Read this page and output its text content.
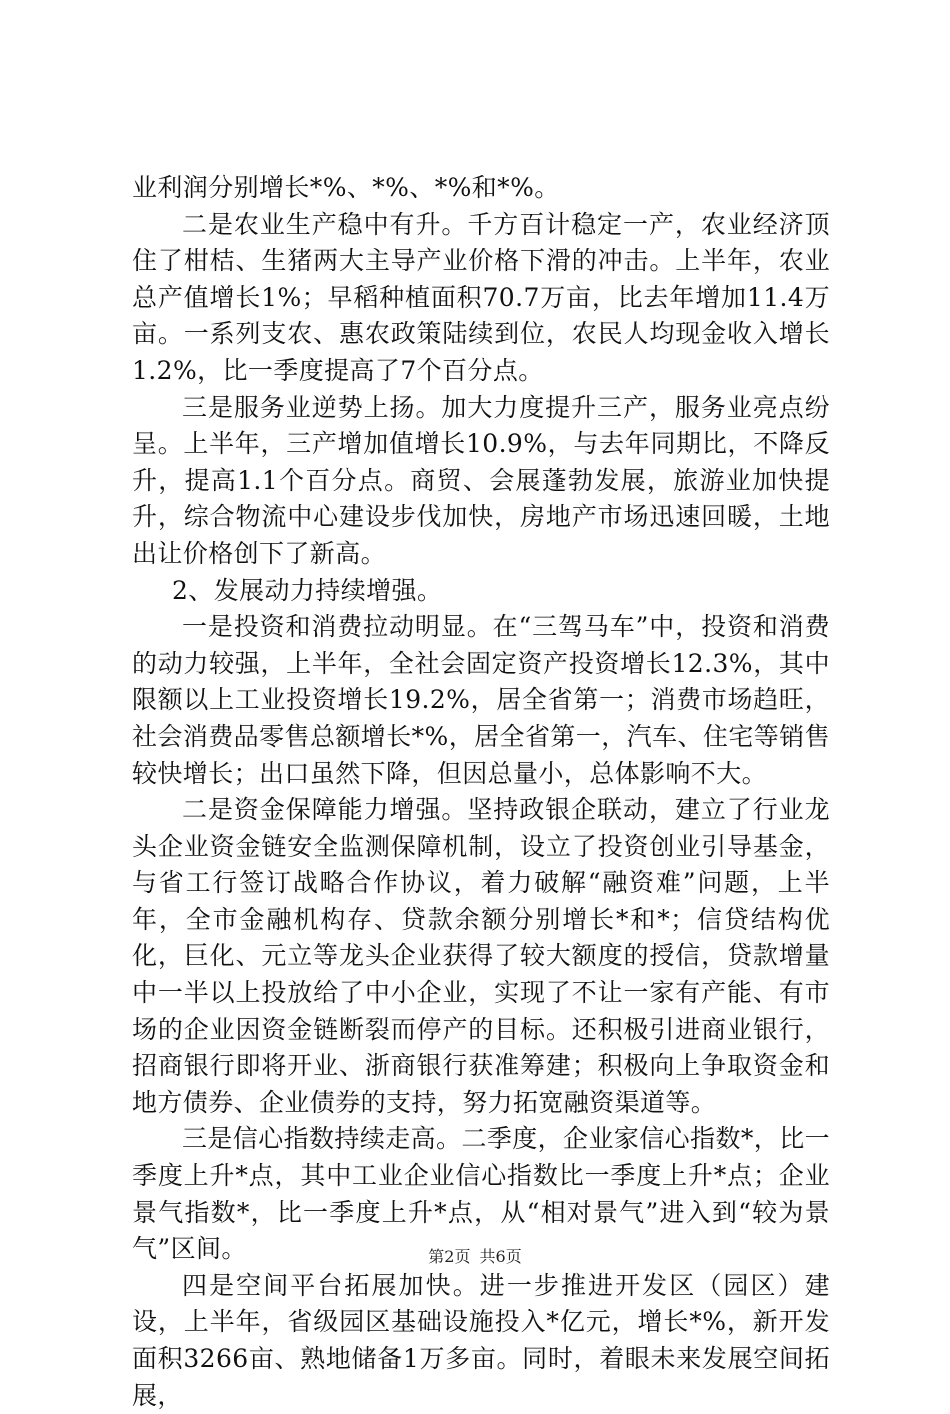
业利润分别增长*%、*%、*%和*%。

二是农业生产稳中有升。千方百计稳定一产，农业经济顶住了柑桔、生猪两大主导产业价格下滑的冲击。上半年，农业总产值增长1%；早稻种植面积70.7万亩，比去年增加11.4万亩。一系列支农、惠农政策陆续到位，农民人均现金收入增长1.2%，比一季度提高了7个百分点。

三是服务业逆势上扬。加大力度提升三产，服务业亮点纷呈。上半年，三产增加值增长10.9%，与去年同期比，不降反升，提高1.1个百分点。商贸、会展蓬勃发展，旅游业加快提升，综合物流中心建设步伐加快，房地产市场迅速回暖，土地出让价格创下了新高。

2、发展动力持续增强。

一是投资和消费拉动明显。在“三驾马车”中，投资和消费的动力较强，上半年，全社会固定资产投资增长12.3%，其中限额以上工业投资增长19.2%，居全省第一；消费市场趋旺，社会消费品零售总额增长*%，居全省第一，汽车、住宅等销售较快增长；出口虽然下降，但因总量小，总体影响不大。

二是资金保障能力增强。坚持政银企联动，建立了行业龙头企业资金链安全监测保障机制，设立了投资创业引导基金，与省工行签订战略合作协议，着力破解“融资难”问题，上半年，全市金融机构存、贷款余额分别增长*和*；信贷结构优化，巨化、元立等龙头企业获得了较大额度的授信，贷款增量中一半以上投放给了中小企业，实现了不让一家有产能、有市场的企业因资金链断裂而停产的目标。还积极引进商业银行，招商银行即将开业、浙商银行获准筹建；积极向上争取资金和地方债券、企业债券的支持，努力拓宽融资渠道等。

三是信心指数持续走高。二季度，企业家信心指数*，比一季度上升*点，其中工业企业信心指数比一季度上升*点；企业景气指数*，比一季度上升*点，从“相对景气”进入到“较为景气”区间。

四是空间平台拓展加快。进一步推进开发区（园区）建设，上半年，省级园区基础设施投入*亿元，增长*%，新开发面积3266亩、熟地储备1万多亩。同时，着眼未来发展空间拓展，

第2页 共6页
